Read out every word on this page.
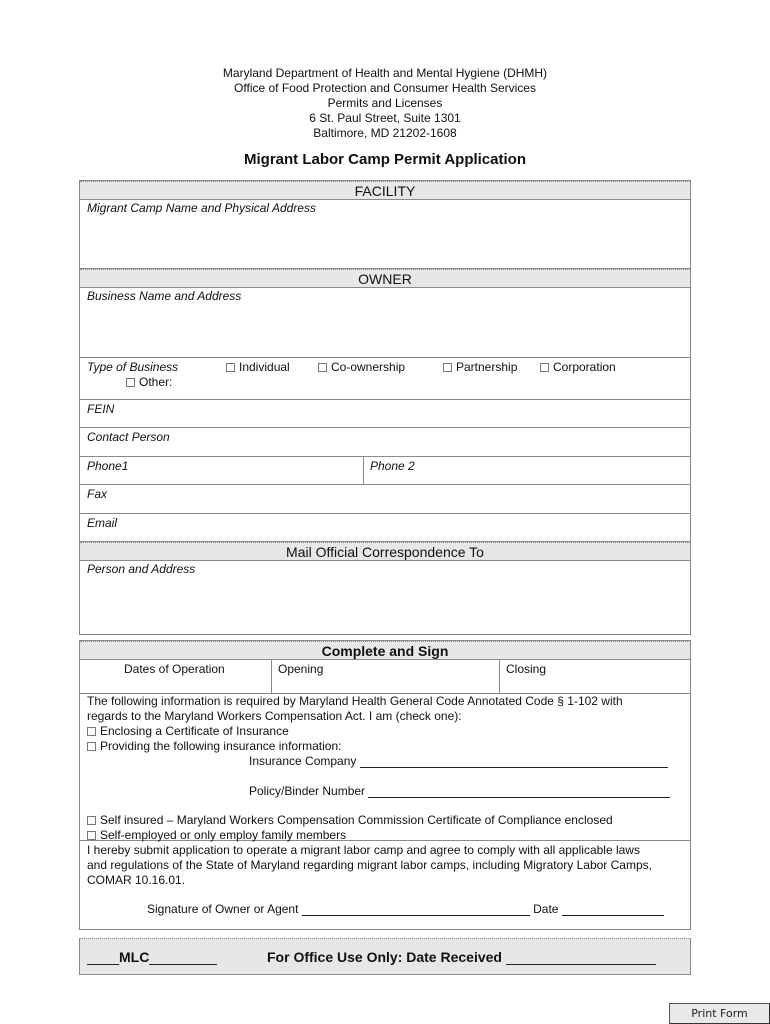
Maryland Department of Health and Mental Hygiene (DHMH)
Office of Food Protection and Consumer Health Services
Permits and Licenses
6 St. Paul Street, Suite 1301
Baltimore, MD 21202-1608
Migrant Labor Camp Permit Application
FACILITY
Migrant Camp Name and Physical Address
OWNER
Business Name and Address
Type of Business	Individual	Co-ownership	Partnership	Corporation
Other:
FEIN
Contact Person
Phone1	Phone 2
Fax
Email
Mail Official Correspondence To
Person and Address
Complete and Sign
Dates of Operation	Opening	Closing
The following information is required by Maryland Health General Code Annotated Code § 1-102 with
regards to the Maryland Workers Compensation Act. I am (check one):
Enclosing a Certificate of Insurance
Providing the following insurance information:
Insurance Company
Policy/Binder Number
Self insured – Maryland Workers Compensation Commission Certificate of Compliance enclosed
Self-employed or only employ family members
I hereby submit application to operate a migrant labor camp and agree to comply with all applicable laws
and regulations of the State of Maryland regarding migrant labor camps, including Migratory Labor Camps,
COMAR 10.16.01.
Signature of Owner or Agent	Date
MLC	For Office Use Only: Date Received
Print Form
